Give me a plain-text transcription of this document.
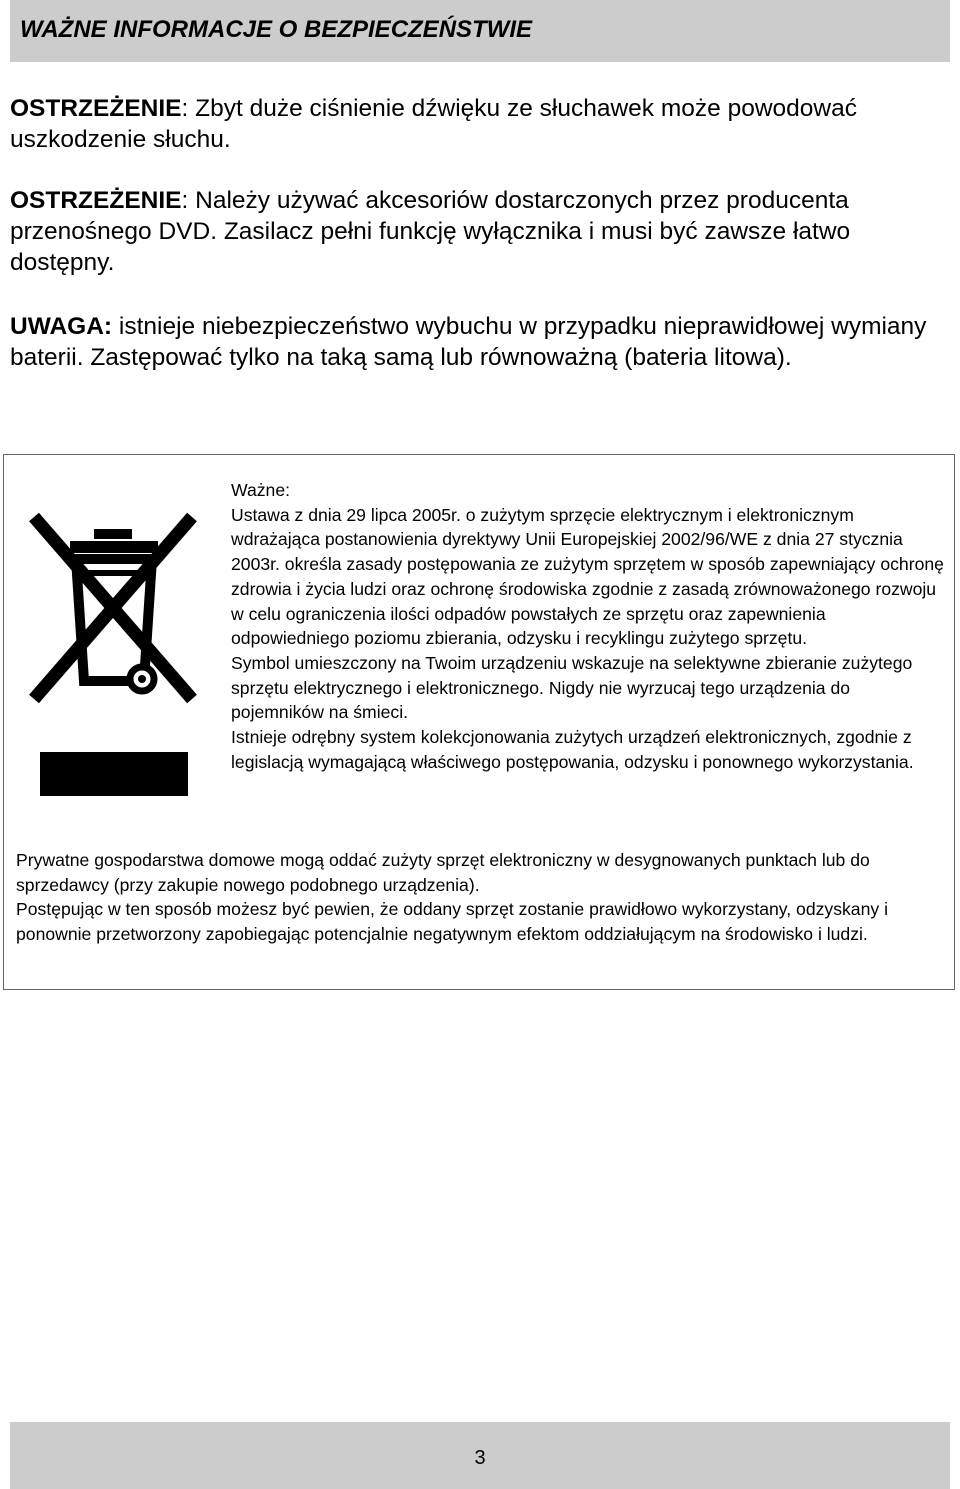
WAŻNE INFORMACJE O BEZPIECZEŃSTWIE

OSTRZEŻENIE: Zbyt duże ciśnienie dźwięku ze słuchawek może powodować uszkodzenie słuchu.

OSTRZEŻENIE: Należy używać akcesoriów dostarczonych przez producenta przenośnego DVD. Zasilacz pełni funkcję wyłącznika i musi być zawsze łatwo dostępny.

UWAGA: istnieje niebezpieczeństwo wybuchu w przypadku nieprawidłowej wymiany baterii. Zastępować tylko na taką samą lub równoważną (bateria litowa).

Ważne:

Ustawa z dnia 29 lipca 2005r. o zużytym sprzęcie elektrycznym i elektronicznym wdrażająca postanowienia dyrektywy Unii Europejskiej 2002/96/WE z dnia 27 stycznia 2003r. określa zasady postępowania ze zużytym sprzętem w sposób zapewniający ochronę zdrowia i życia ludzi oraz ochronę środowiska zgodnie z zasadą zrównoważonego rozwoju w celu ograniczenia ilości odpadów powstałych ze sprzętu oraz zapewnienia odpowiedniego poziomu zbierania, odzysku i recyklingu zużytego sprzętu.

Symbol umieszczony na Twoim urządzeniu wskazuje na selektywne zbieranie zużytego sprzętu elektrycznego i elektronicznego. Nigdy nie wyrzucaj tego urządzenia do pojemników na śmieci.

Istnieje odrębny system kolekcjonowania zużytych urządzeń elektronicznych, zgodnie z legislacją wymagającą właściwego postępowania, odzysku i ponownego wykorzystania.

Prywatne gospodarstwa domowe mogą oddać zużyty sprzęt elektroniczny w desygnowanych punktach lub do sprzedawcy (przy zakupie nowego podobnego urządzenia).

Postępując w ten sposób możesz być pewien, że oddany sprzęt zostanie prawidłowo wykorzystany, odzyskany i ponownie przetworzony zapobiegając potencjalnie negatywnym efektom oddziałującym na środowisko i ludzi.

3
